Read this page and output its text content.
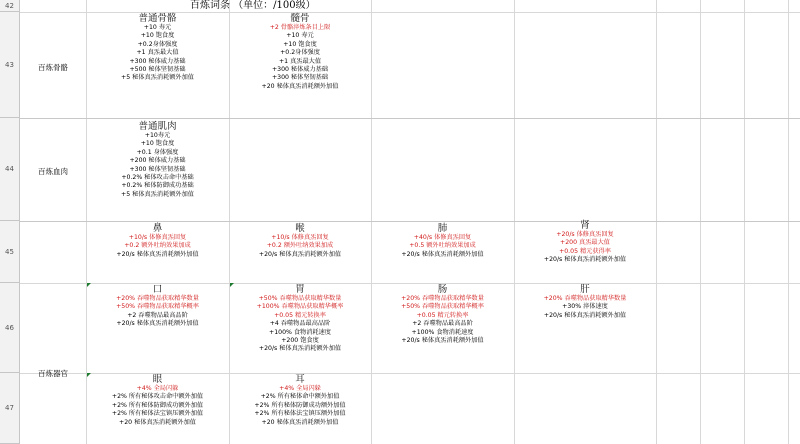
42
43
44
45
46
47
百炼词条 （单位：/100级）
百炼骨骼
百炼血肉
百炼器官
普通骨骼
+10 寿元
+10 饱食度
+0.2身体强度
+1 真炁最大值
+300 秘体威力基础
+500 秘体坚韧基础
+5 秘体真炁消耗额外加值
髓骨
+2 骨骼淬炼条目上限
+10 寿元
+10 饱食度
+0.2身体强度
+1 真炁最大值
+300 秘体威力基础
+300 秘体坚韧基础
+20 秘体真炁消耗额外加值
普通肌肉
+10寿元
+10 饱食度
+0.1 身体强度
+200 秘体威力基础
+300 秘体坚韧基础
+0.2% 秘体攻击命中基础
+0.2% 秘体防御成功基础
+5 秘体真炁消耗额外加值
鼻
+10/s 体修真炁回复
+0.2 额外吐纳效果加成
+20/s 秘体真炁消耗额外加值
喉
+10/s 体修真炁回复
+0.2 额外吐纳效果加成
+20/s 秘体真炁消耗额外加值
肺
+40/s 体修真炁回复
+0.5 额外吐纳效果加成
+20/s 秘体真炁消耗额外加值
肾
+20/s 体修真炁回复
+200 真炁最大值
+0.05 精元获得率
+20/s 秘体真炁消耗额外加值
口
+20% 吞噬物品获取精华数量
+50% 吞噬物品获取精华概率
+2 吞噬物品最高品阶
+20/s 秘体真炁消耗额外加值
胃
+50% 吞噬物品获取精华数量
+100% 吞噬物品获取精华概率
+0.05 精元转换率
+4 吞噬物品最高品阶
+100% 食物消耗速度
+200 饱食度
+20/s 秘体真炁消耗额外加值
肠
+20% 吞噬物品获取精华数量
+50% 吞噬物品获取精华概率
+0.05 精元转换率
+2 吞噬物品最高品阶
+100% 食物消耗速度
+20/s 秘体真炁消耗额外加值
肝
+20% 吞噬物品获取精华数量
+30% 淬体速度
+20/s 秘体真炁消耗额外加值
眼
+4% 全局闪躲
+2% 所有秘体攻击命中额外加值
+2% 所有秘体防御成功额外加值
+2% 所有秘体法宝镇压额外加值
+20 秘体真炁消耗额外加值
耳
+4% 全局闪躲
+2% 所有秘体命中额外加值
+2% 所有秘体防御成功额外加值
+2% 所有秘体法宝镇压额外加值
+20 秘体真炁消耗额外加值
